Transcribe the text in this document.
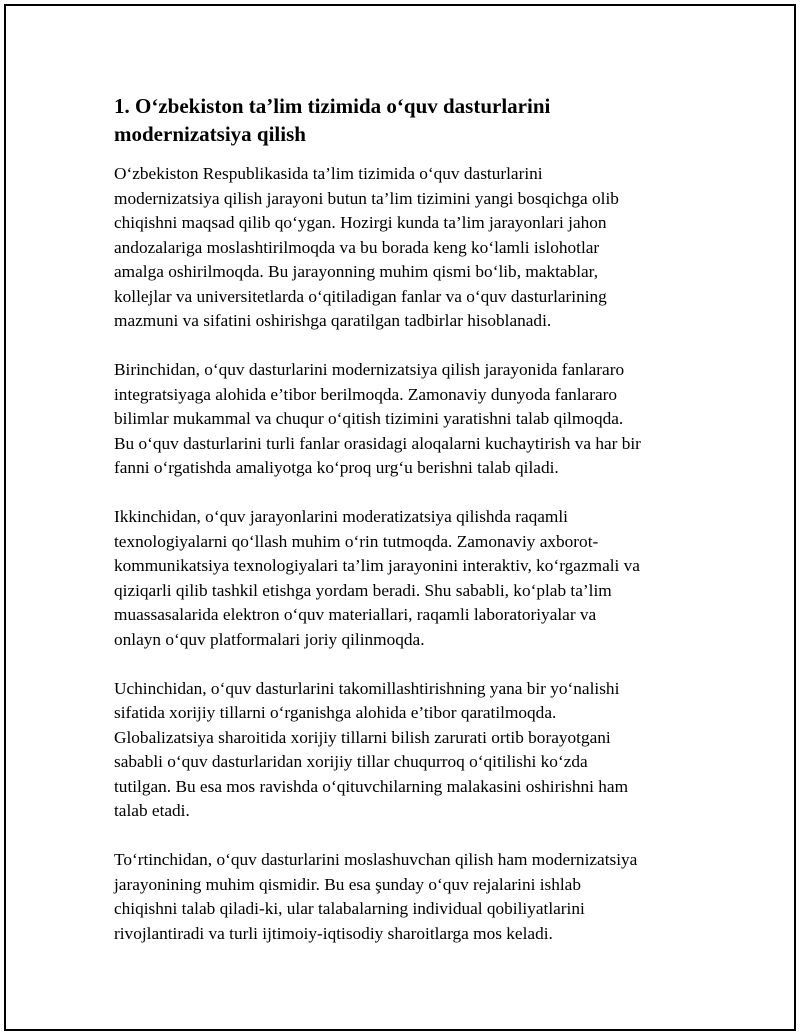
1. O‘zbekiston ta’lim tizimida o‘quv dasturlarini
modernizatsiya qilish

O‘zbekiston Respublikasida ta’lim tizimida o‘quv dasturlarini
modernizatsiya qilish jarayoni butun ta’lim tizimini yangi bosqichga olib
chiqishni maqsad qilib qo‘ygan. Hozirgi kunda ta’lim jarayonlari jahon
andozalariga moslashtirilmoqda va bu borada keng ko‘lamli islohotlar
amalga oshirilmoqda. Bu jarayonning muhim qismi bo‘lib, maktablar,
kollejlar va universitetlarda o‘qitiladigan fanlar va o‘quv dasturlarining
mazmuni va sifatini oshirishga qaratilgan tadbirlar hisoblanadi.

Birinchidan, o‘quv dasturlarini modernizatsiya qilish jarayonida fanlararo
integratsiyaga alohida e’tibor berilmoqda. Zamonaviy dunyoda fanlararo
bilimlar mukammal va chuqur o‘qitish tizimini yaratishni talab qilmoqda.
Bu o‘quv dasturlarini turli fanlar orasidagi aloqalarni kuchaytirish va har bir
fanni o‘rgatishda amaliyotga ko‘proq urg‘u berishni talab qiladi.

Ikkinchidan, o‘quv jarayonlarini moderatizatsiya qilishda raqamli
texnologiyalarni qo‘llash muhim o‘rin tutmoqda. Zamonaviy axborot-
kommunikatsiya texnologiyalari ta’lim jarayonini interaktiv, ko‘rgazmali va
qiziqarli qilib tashkil etishga yordam beradi. Shu sababli, ko‘plab ta’lim
muassasalarida elektron o‘quv materiallari, raqamli laboratoriyalar va
onlayn o‘quv platformalari joriy qilinmoqda.

Uchinchidan, o‘quv dasturlarini takomillashtirishning yana bir yo‘nalishi
sifatida xorijiy tillarni o‘rganishga alohida e’tibor qaratilmoqda.
Globalizatsiya sharoitida xorijiy tillarni bilish zarurati ortib borayotgani
sababli o‘quv dasturlaridan xorijiy tillar chuqurroq o‘qitilishi ko‘zda
tutilgan. Bu esa mos ravishda o‘qituvchilarning malakasini oshirishni ham
talab etadi.

To‘rtinchidan, o‘quv dasturlarini moslashuvchan qilish ham modernizatsiya
jarayonining muhim qismidir. Bu esa şunday o‘quv rejalarini ishlab
chiqishni talab qiladi-ki, ular talabalarning individual qobiliyatlarini
rivojlantiradi va turli ijtimoiy-iqtisodiy sharoitlarga mos keladi.
